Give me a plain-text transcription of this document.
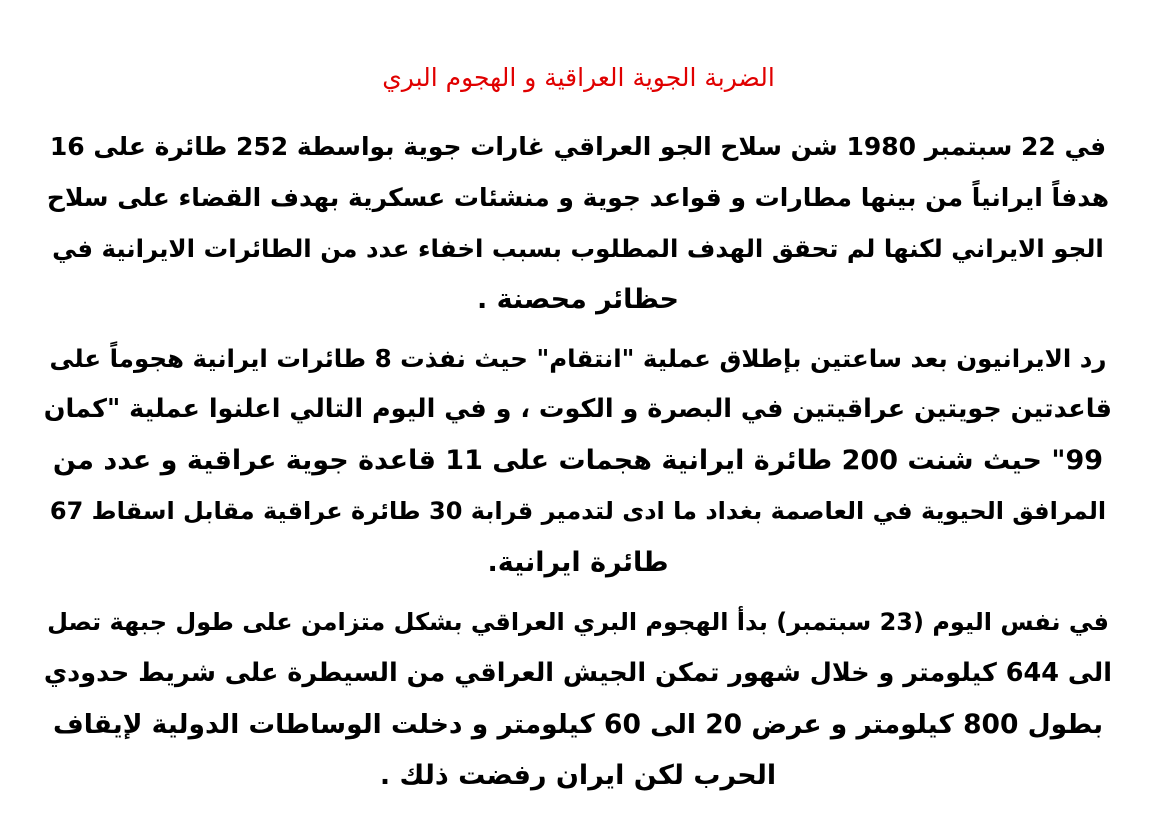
الضربة الجوية العراقية و الهجوم البري
في 22 سبتمبر 1980 شن سلاح الجو العراقي غارات جوية بواسطة 252 طائرة على 16
هدفاً ايرانياً من بينها مطارات و قواعد جوية و منشئات عسكرية بهدف القضاء على سلاح
الجو الايراني لكنها لم تحقق الهدف المطلوب بسبب اخفاء عدد من الطائرات الايرانية في
حظائر محصنة .
رد الايرانيون بعد ساعتين بإطلاق عملية "انتقام" حيث نفذت 8 طائرات ايرانية هجوماً على
قاعدتين جويتين عراقيتين في البصرة و الكوت ، و في اليوم التالي اعلنوا عملية "كمان
99" حيث شنت 200 طائرة ايرانية هجمات على 11 قاعدة جوية عراقية و عدد من
المرافق الحيوية في العاصمة بغداد ما ادى لتدمير قرابة 30 طائرة عراقية مقابل اسقاط 67
طائرة ايرانية.
في نفس اليوم (23 سبتمبر) بدأ الهجوم البري العراقي بشكل متزامن على طول جبهة تصل
الى 644 كيلومتر و خلال شهور تمكن الجيش العراقي من السيطرة على شريط حدودي
بطول 800 كيلومتر و عرض 20 الى 60 كيلومتر و دخلت الوساطات الدولية لإيقاف
الحرب لكن ايران رفضت ذلك .
